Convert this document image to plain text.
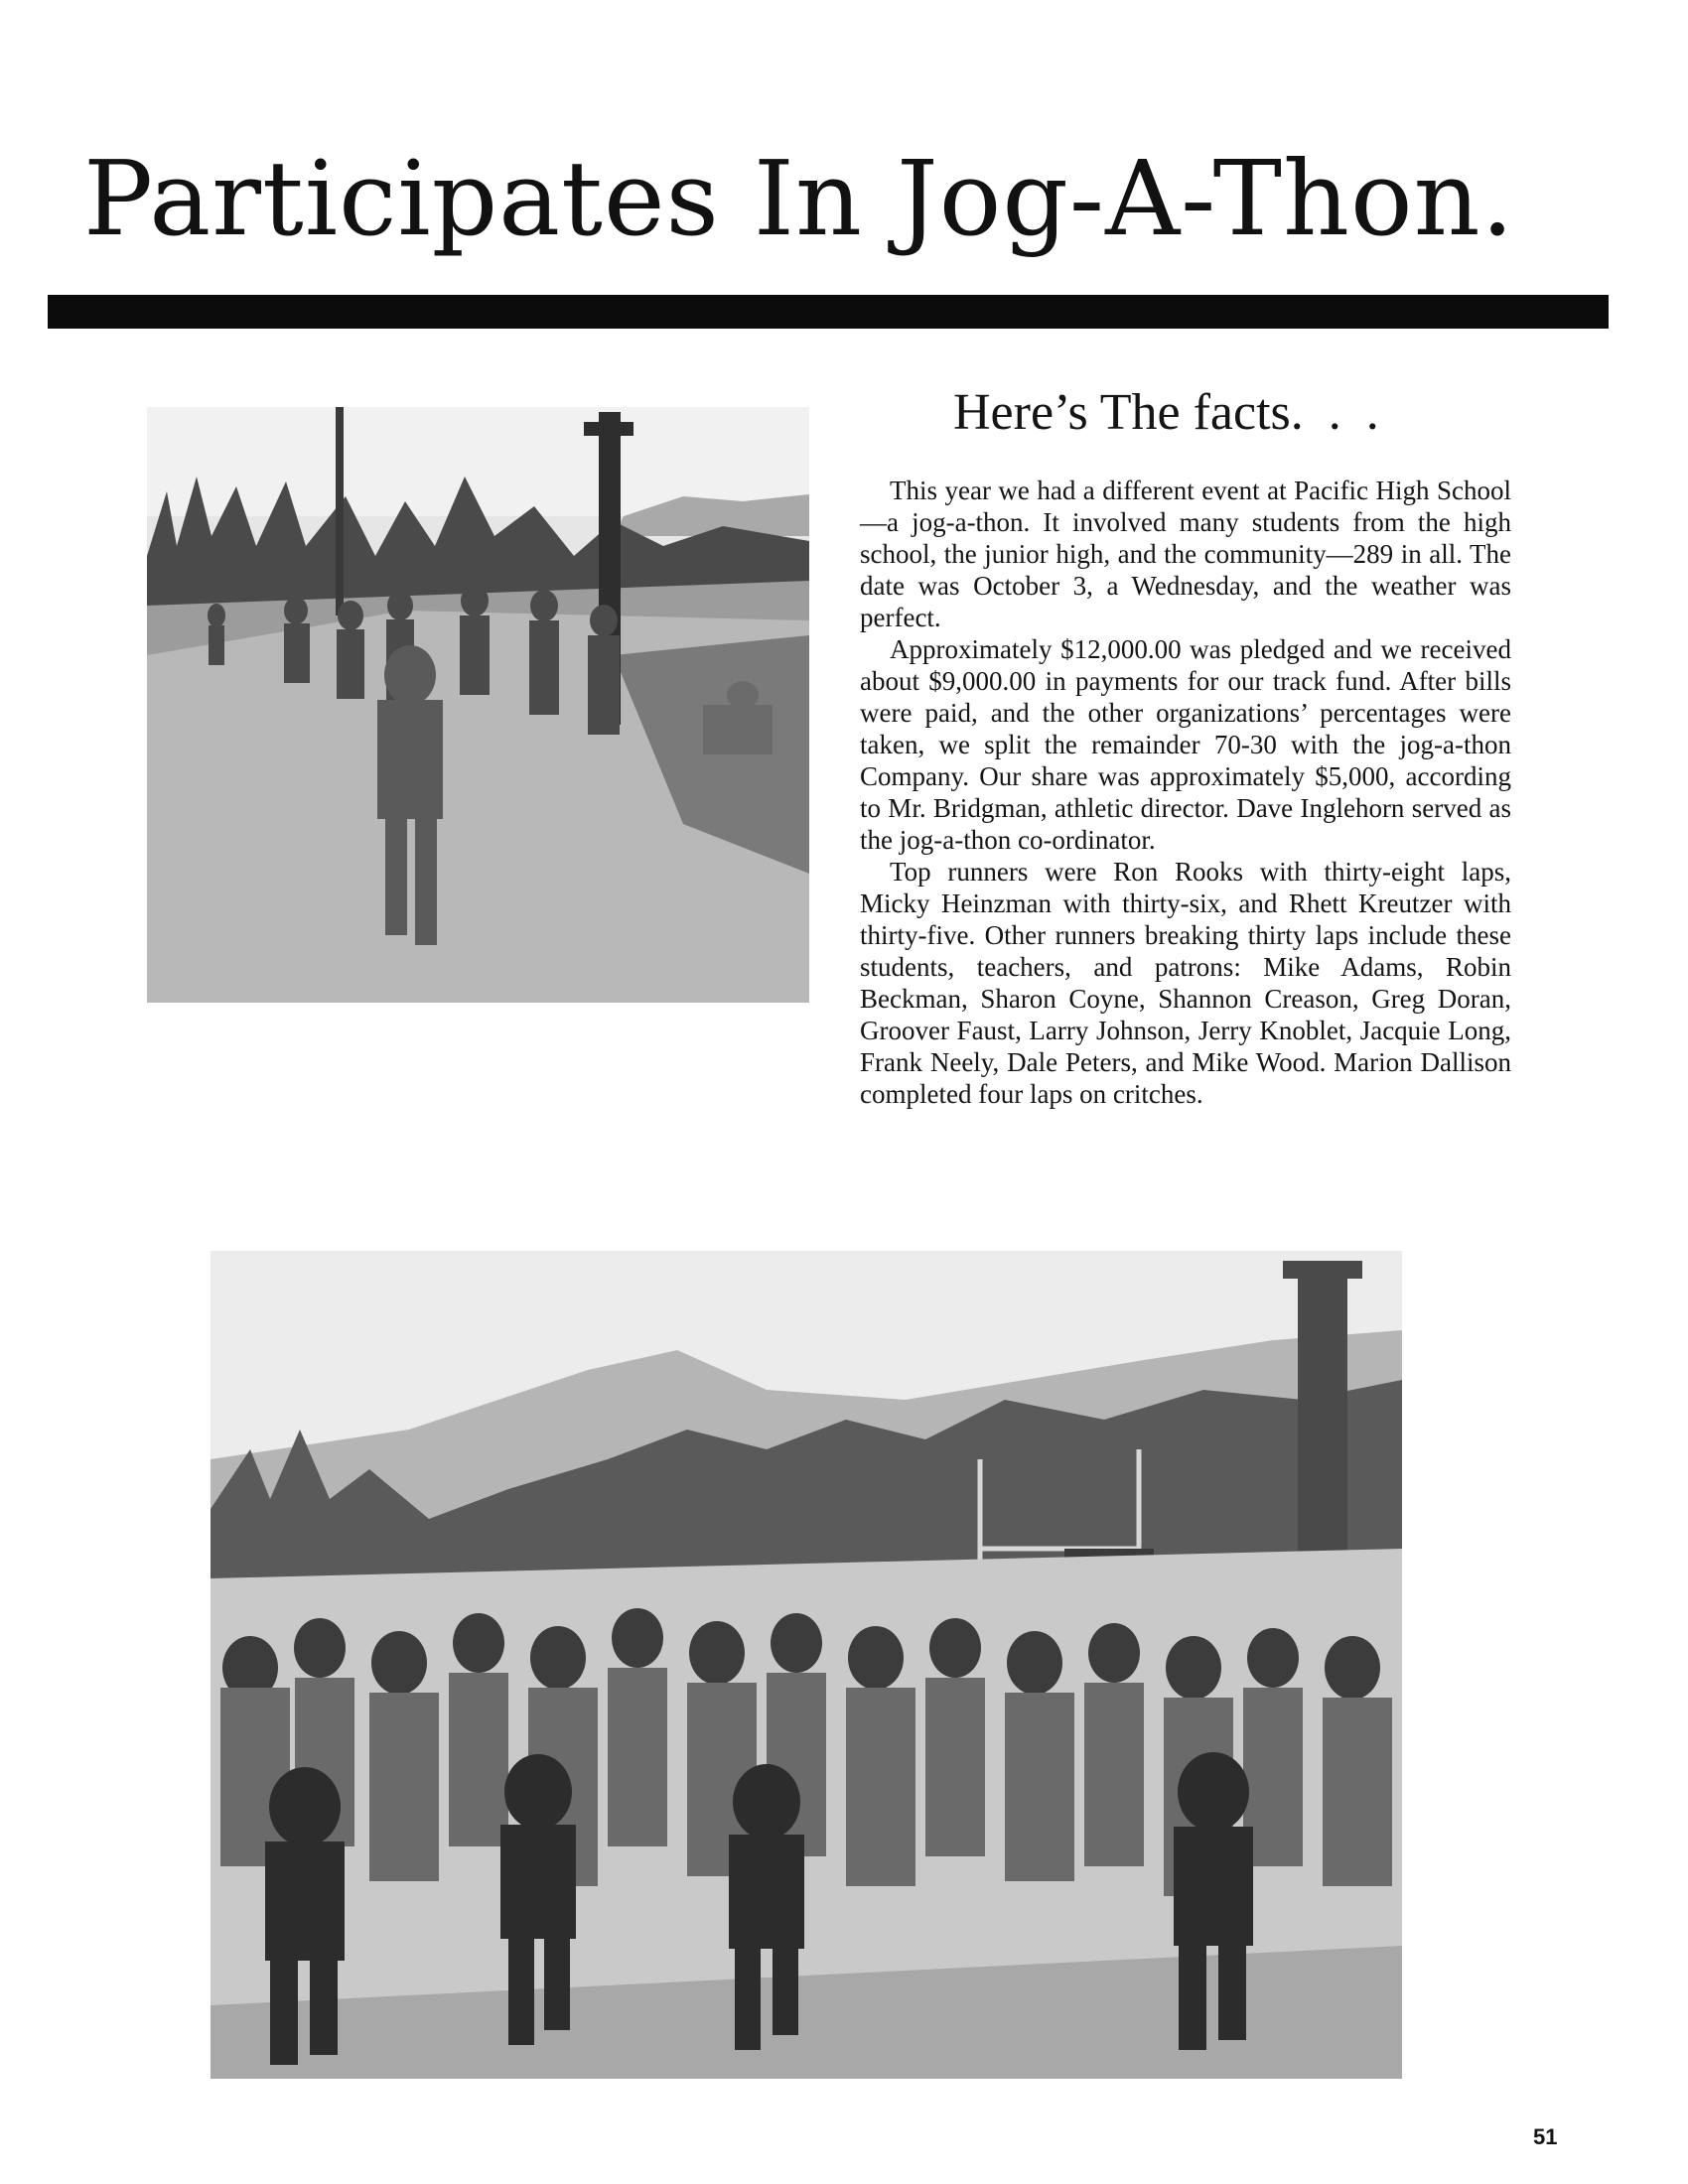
Participates In Jog-A-Thon.
Here’s The facts. . .

This year we had a different event at Pacific High School—a jog-a-thon. It involved many students from the high school, the junior high, and the community—289 in all. The date was October 3, a Wednesday, and the weather was perfect.

Approximately $12,000.00 was pledged and we received about $9,000.00 in payments for our track fund. After bills were paid, and the other organizations’ percentages were taken, we split the remainder 70-30 with the jog-a-thon Company. Our share was approximately $5,000, according to Mr. Bridgman, athletic director. Dave Inglehorn served as the jog-a-thon co-ordinator.

Top runners were Ron Rooks with thirty-eight laps, Micky Heinzman with thirty-six, and Rhett Kreutzer with thirty-five. Other runners breaking thirty laps include these students, teachers, and patrons: Mike Adams, Robin Beckman, Sharon Coyne, Shannon Creason, Greg Doran, Groover Faust, Larry Johnson, Jerry Knoblet, Jacquie Long, Frank Neely, Dale Peters, and Mike Wood. Marion Dallison completed four laps on critches.

51
